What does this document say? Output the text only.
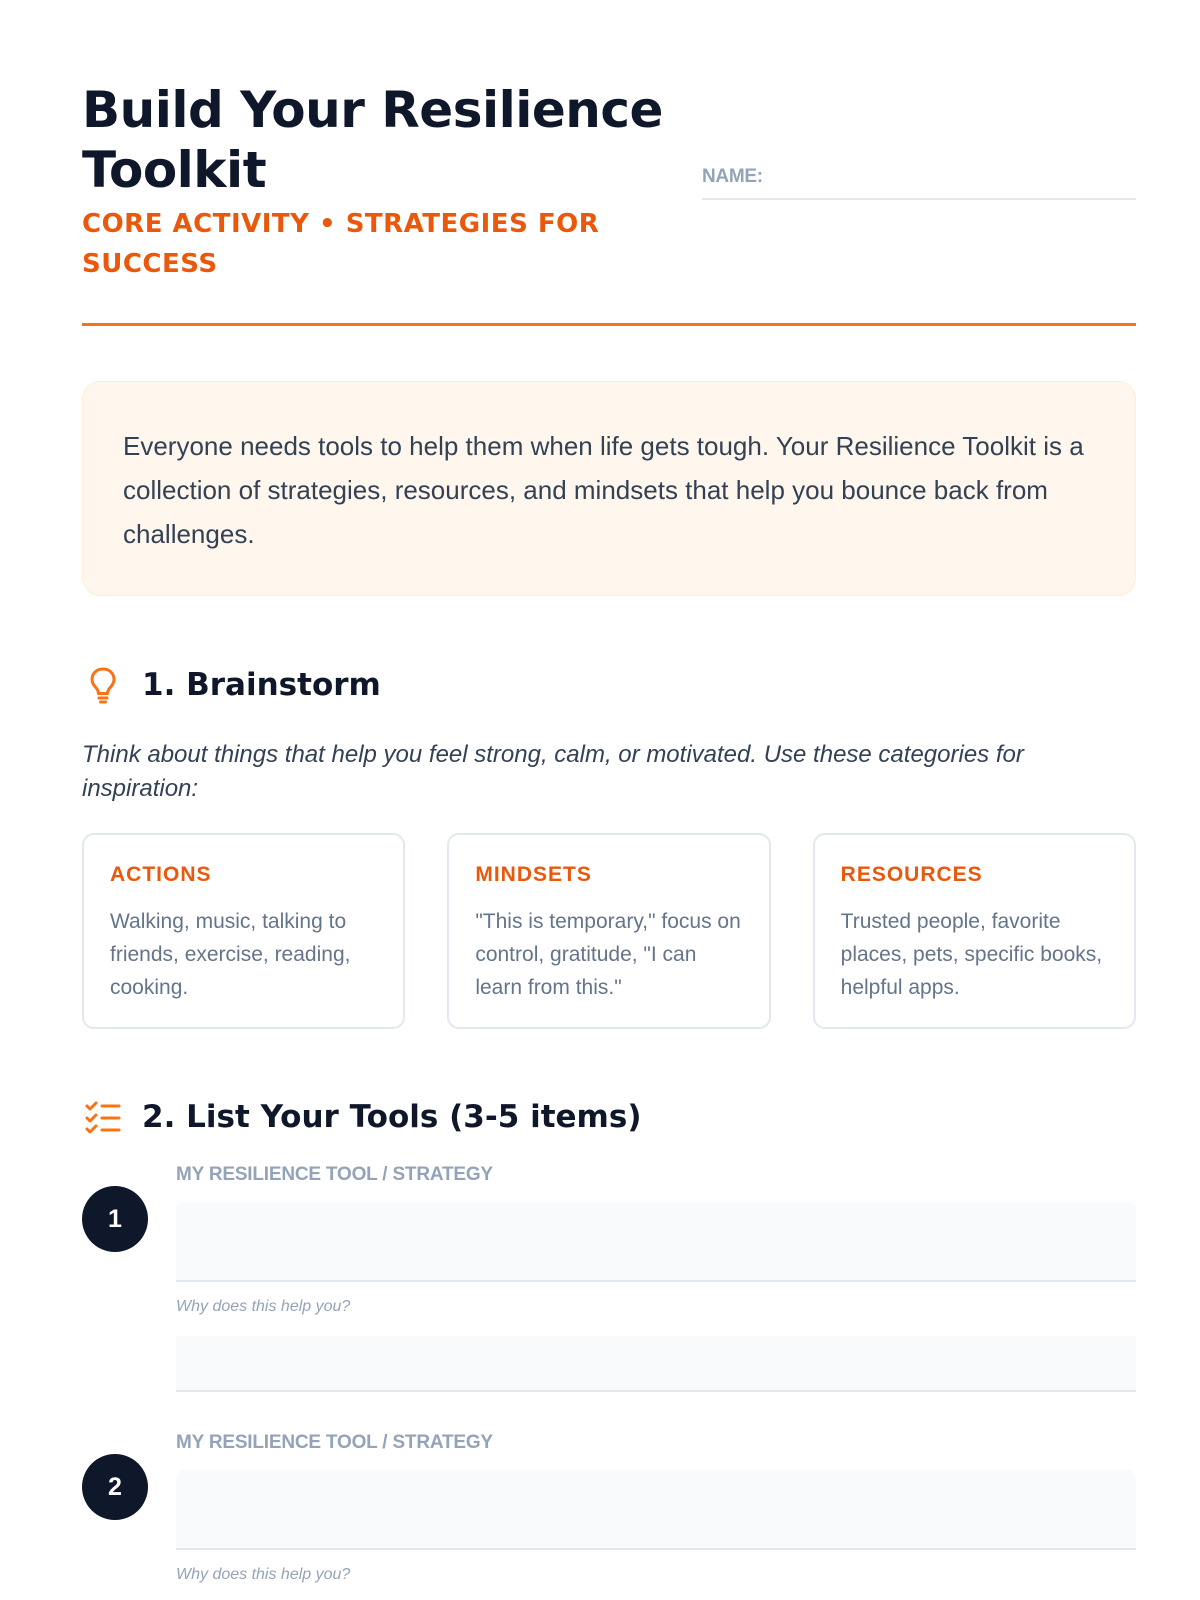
Build Your Resilience Toolkit
CORE ACTIVITY • STRATEGIES FOR SUCCESS
NAME:

Everyone needs tools to help them when life gets tough. Your Resilience Toolkit is a collection of strategies, resources, and mindsets that help you bounce back from challenges.

1. Brainstorm

Think about things that help you feel strong, calm, or motivated. Use these categories for inspiration:

ACTIONS
Walking, music, talking to friends, exercise, reading, cooking.
MINDSETS
"This is temporary," focus on control, gratitude, "I can learn from this."
RESOURCES
Trusted people, favorite places, pets, specific books, helpful apps.
2. List Your Tools (3-5 items)
1
MY RESILIENCE TOOL / STRATEGY
Why does this help you?
2
MY RESILIENCE TOOL / STRATEGY
Why does this help you?
